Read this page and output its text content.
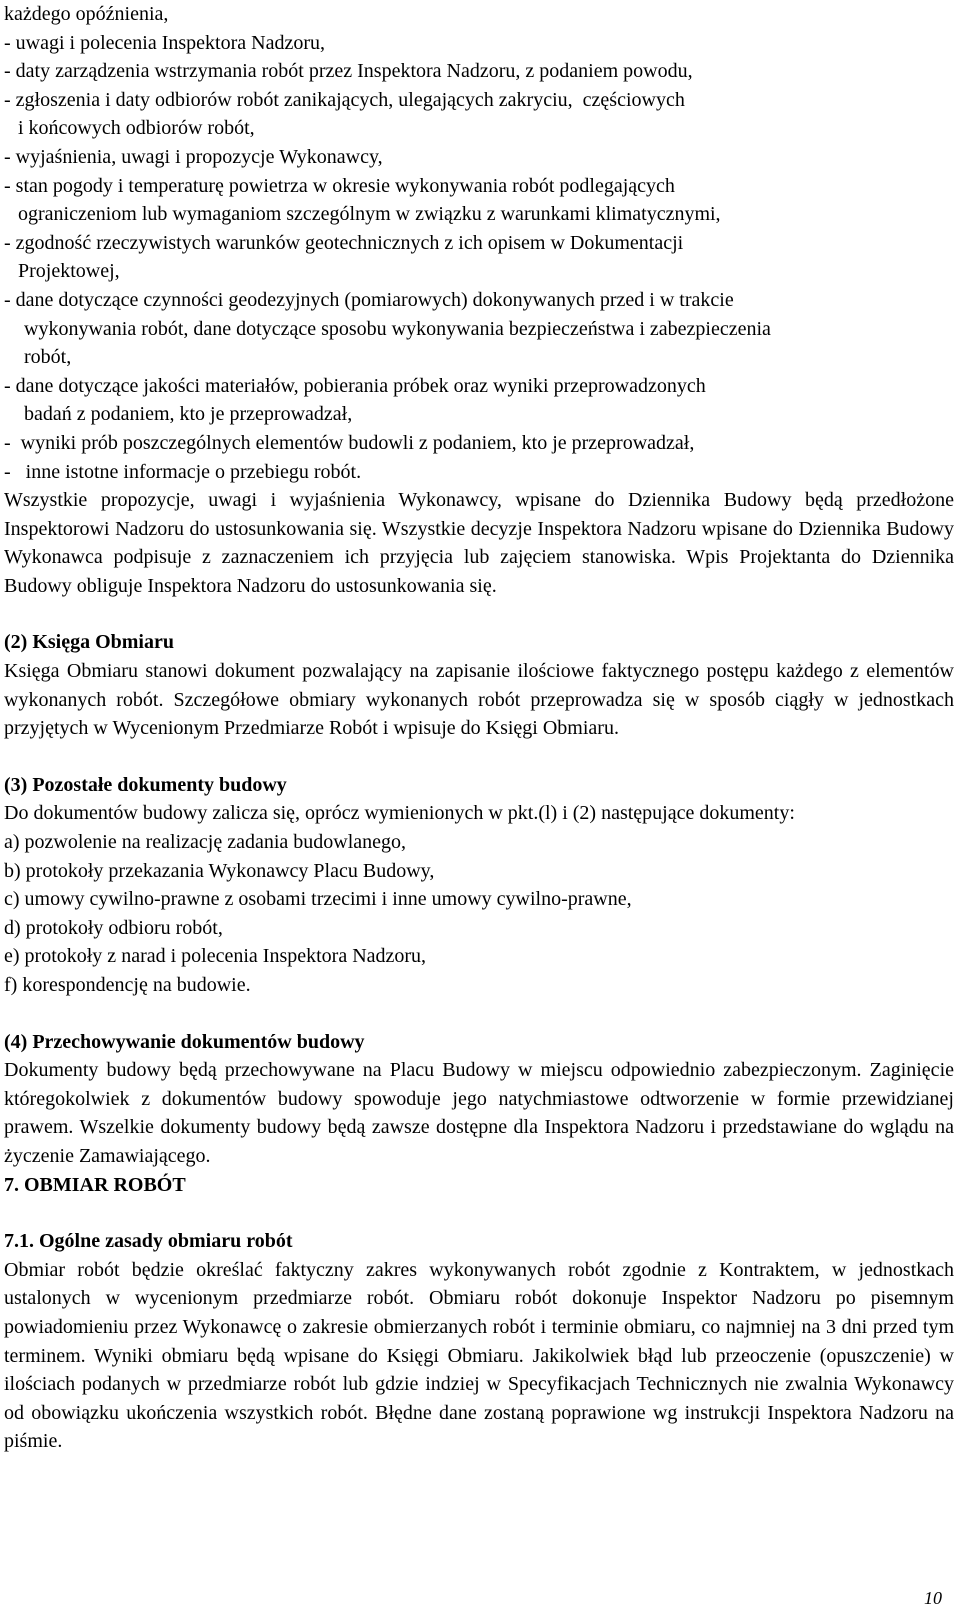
każdego opóźnienia,
- uwagi i polecenia Inspektora Nadzoru,
- daty zarządzenia wstrzymania robót przez Inspektora Nadzoru, z podaniem powodu,
- zgłoszenia i daty odbiorów robót zanikających, ulegających zakryciu,  częściowych
i końcowych odbiorów robót,
- wyjaśnienia, uwagi i propozycje Wykonawcy,
- stan pogody i temperaturę powietrza w okresie wykonywania robót podlegających
ograniczeniom lub wymaganiom szczególnym w związku z warunkami klimatycznymi,
- zgodność rzeczywistych warunków geotechnicznych z ich opisem w Dokumentacji
Projektowej,
- dane dotyczące czynności geodezyjnych (pomiarowych) dokonywanych przed i w trakcie
wykonywania robót, dane dotyczące sposobu wykonywania bezpieczeństwa i zabezpieczenia
robót,
- dane dotyczące jakości materiałów, pobierania próbek oraz wyniki przeprowadzonych
badań z podaniem, kto je przeprowadzał,
-  wyniki prób poszczególnych elementów budowli z podaniem, kto je przeprowadzał,
-   inne istotne informacje o przebiegu robót.
Wszystkie propozycje, uwagi i wyjaśnienia Wykonawcy, wpisane do Dziennika Budowy będą przedłożone Inspektorowi Nadzoru do ustosunkowania się. Wszystkie decyzje Inspektora Nadzoru wpisane do Dziennika Budowy Wykonawca podpisuje z zaznaczeniem ich przyjęcia lub zajęciem stanowiska. Wpis Projektanta do Dziennika Budowy obliguje Inspektora Nadzoru do ustosunkowania się.
(2) Księga Obmiaru
Księga Obmiaru stanowi dokument pozwalający na zapisanie ilościowe faktycznego postępu każdego z elementów wykonanych robót. Szczegółowe obmiary wykonanych robót przeprowadza się w sposób ciągły w jednostkach przyjętych w Wycenionym Przedmiarze Robót i wpisuje do Księgi Obmiaru.
(3) Pozostałe dokumenty budowy
Do dokumentów budowy zalicza się, oprócz wymienionych w pkt.(l) i (2) następujące dokumenty:
a) pozwolenie na realizację zadania budowlanego,
b) protokoły przekazania Wykonawcy Placu Budowy,
c) umowy cywilno-prawne z osobami trzecimi i inne umowy cywilno-prawne,
d) protokoły odbioru robót,
e) protokoły z narad i polecenia Inspektora Nadzoru,
f) korespondencję na budowie.
(4) Przechowywanie dokumentów budowy
Dokumenty budowy będą przechowywane na Placu Budowy w miejscu odpowiednio zabezpieczonym. Zaginięcie któregokolwiek z dokumentów budowy spowoduje jego natychmiastowe odtworzenie w formie przewidzianej prawem. Wszelkie dokumenty budowy będą zawsze dostępne dla Inspektora Nadzoru i przedstawiane do wglądu na życzenie Zamawiającego.
7. OBMIAR ROBÓT
7.1. Ogólne zasady obmiaru robót
Obmiar robót będzie określać faktyczny zakres wykonywanych robót zgodnie z Kontraktem, w jednostkach ustalonych w wycenionym przedmiarze robót. Obmiaru robót dokonuje Inspektor Nadzoru po pisemnym powiadomieniu przez Wykonawcę o zakresie obmierzanych robót i terminie obmiaru, co najmniej na 3 dni przed tym terminem. Wyniki obmiaru będą wpisane do Księgi Obmiaru. Jakikolwiek błąd lub przeoczenie (opuszczenie) w ilościach podanych w przedmiarze robót lub gdzie indziej w Specyfikacjach Technicznych nie zwalnia Wykonawcy od obowiązku ukończenia wszystkich robót. Błędne dane zostaną poprawione wg instrukcji Inspektora Nadzoru na piśmie.
10
